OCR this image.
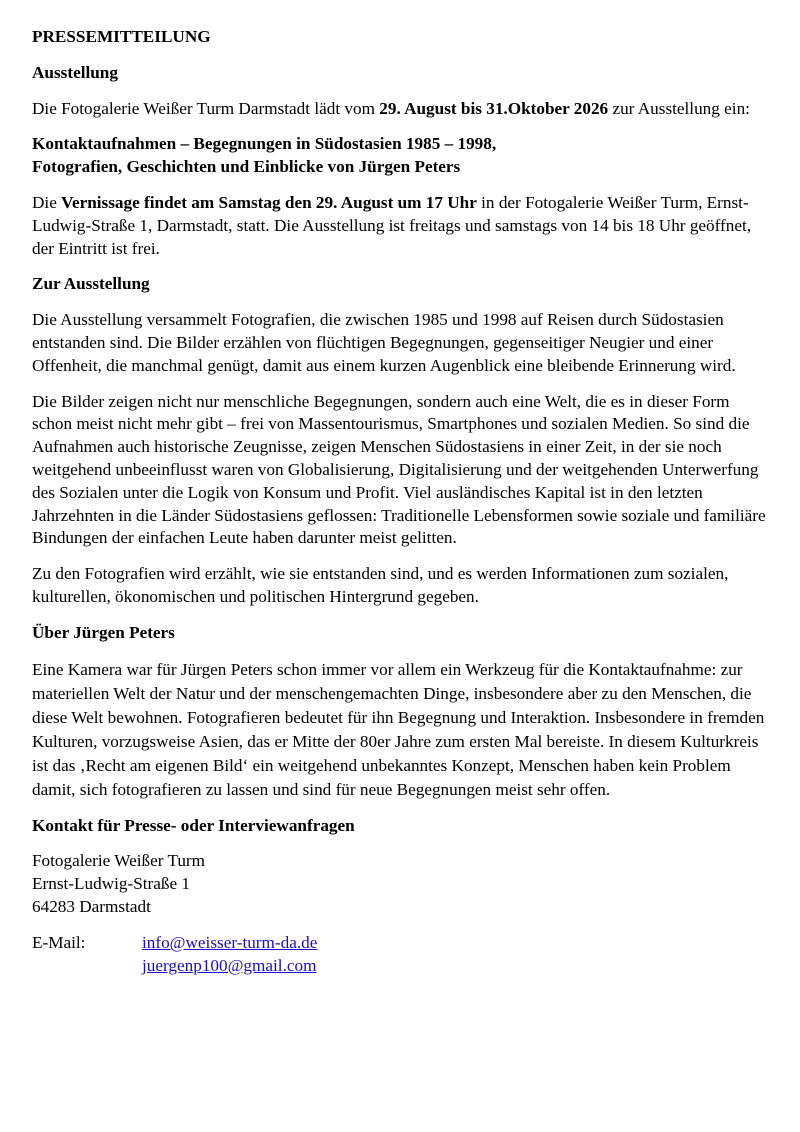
PRESSEMITTEILUNG

Ausstellung

Die Fotogalerie Weißer Turm Darmstadt lädt vom 29. August bis 31.Oktober 2026 zur Ausstellung ein:

Kontaktaufnahmen – Begegnungen in Südostasien 1985 – 1998,

Fotografien, Geschichten und Einblicke von Jürgen Peters

Die Vernissage findet am Samstag den 29. August um 17 Uhr in der Fotogalerie Weißer Turm, Ernst-Ludwig-Straße 1, Darmstadt, statt. Die Ausstellung ist freitags und samstags von 14 bis 18 Uhr geöffnet, der Eintritt ist frei.

Zur Ausstellung

Die Ausstellung versammelt Fotografien, die zwischen 1985 und 1998 auf Reisen durch Südostasien entstanden sind. Die Bilder erzählen von flüchtigen Begegnungen, gegenseitiger Neugier und einer Offenheit, die manchmal genügt, damit aus einem kurzen Augenblick eine bleibende Erinnerung wird.

Die Bilder zeigen nicht nur menschliche Begegnungen, sondern auch eine Welt, die es in dieser Form schon meist nicht mehr gibt – frei von Massentourismus, Smartphones und sozialen Medien. So sind die Aufnahmen auch historische Zeugnisse, zeigen Menschen Südostasiens in einer Zeit, in der sie noch weitgehend unbeeinflusst waren von Globalisierung, Digitalisierung und der weitgehenden Unterwerfung des Sozialen unter die Logik von Konsum und Profit. Viel ausländisches Kapital ist in den letzten Jahrzehnten in die Länder Südostasiens geflossen: Traditionelle Lebensformen sowie soziale und familiäre Bindungen der einfachen Leute haben darunter meist gelitten.

Zu den Fotografien wird erzählt, wie sie entstanden sind, und es werden Informationen zum sozialen, kulturellen, ökonomischen und politischen Hintergrund gegeben.

Über Jürgen Peters

Eine Kamera war für Jürgen Peters schon immer vor allem ein Werkzeug für die Kontaktaufnahme: zur materiellen Welt der Natur und der menschengemachten Dinge, insbesondere aber zu den Menschen, die diese Welt bewohnen. Fotografieren bedeutet für ihn Begegnung und Interaktion. Insbesondere in fremden Kulturen, vorzugsweise Asien, das er Mitte der 80er Jahre zum ersten Mal bereiste. In diesem Kulturkreis ist das ‚Recht am eigenen Bild‘ ein weitgehend unbekanntes Konzept, Menschen haben kein Problem damit, sich fotografieren zu lassen und sind für neue Begegnungen meist sehr offen.

Kontakt für Presse- oder Interviewanfragen

Fotogalerie Weißer Turm

Ernst-Ludwig-Straße 1

64283 Darmstadt

E-Mail:	info@weisser-turm-da.de
juergenp100@gmail.com
